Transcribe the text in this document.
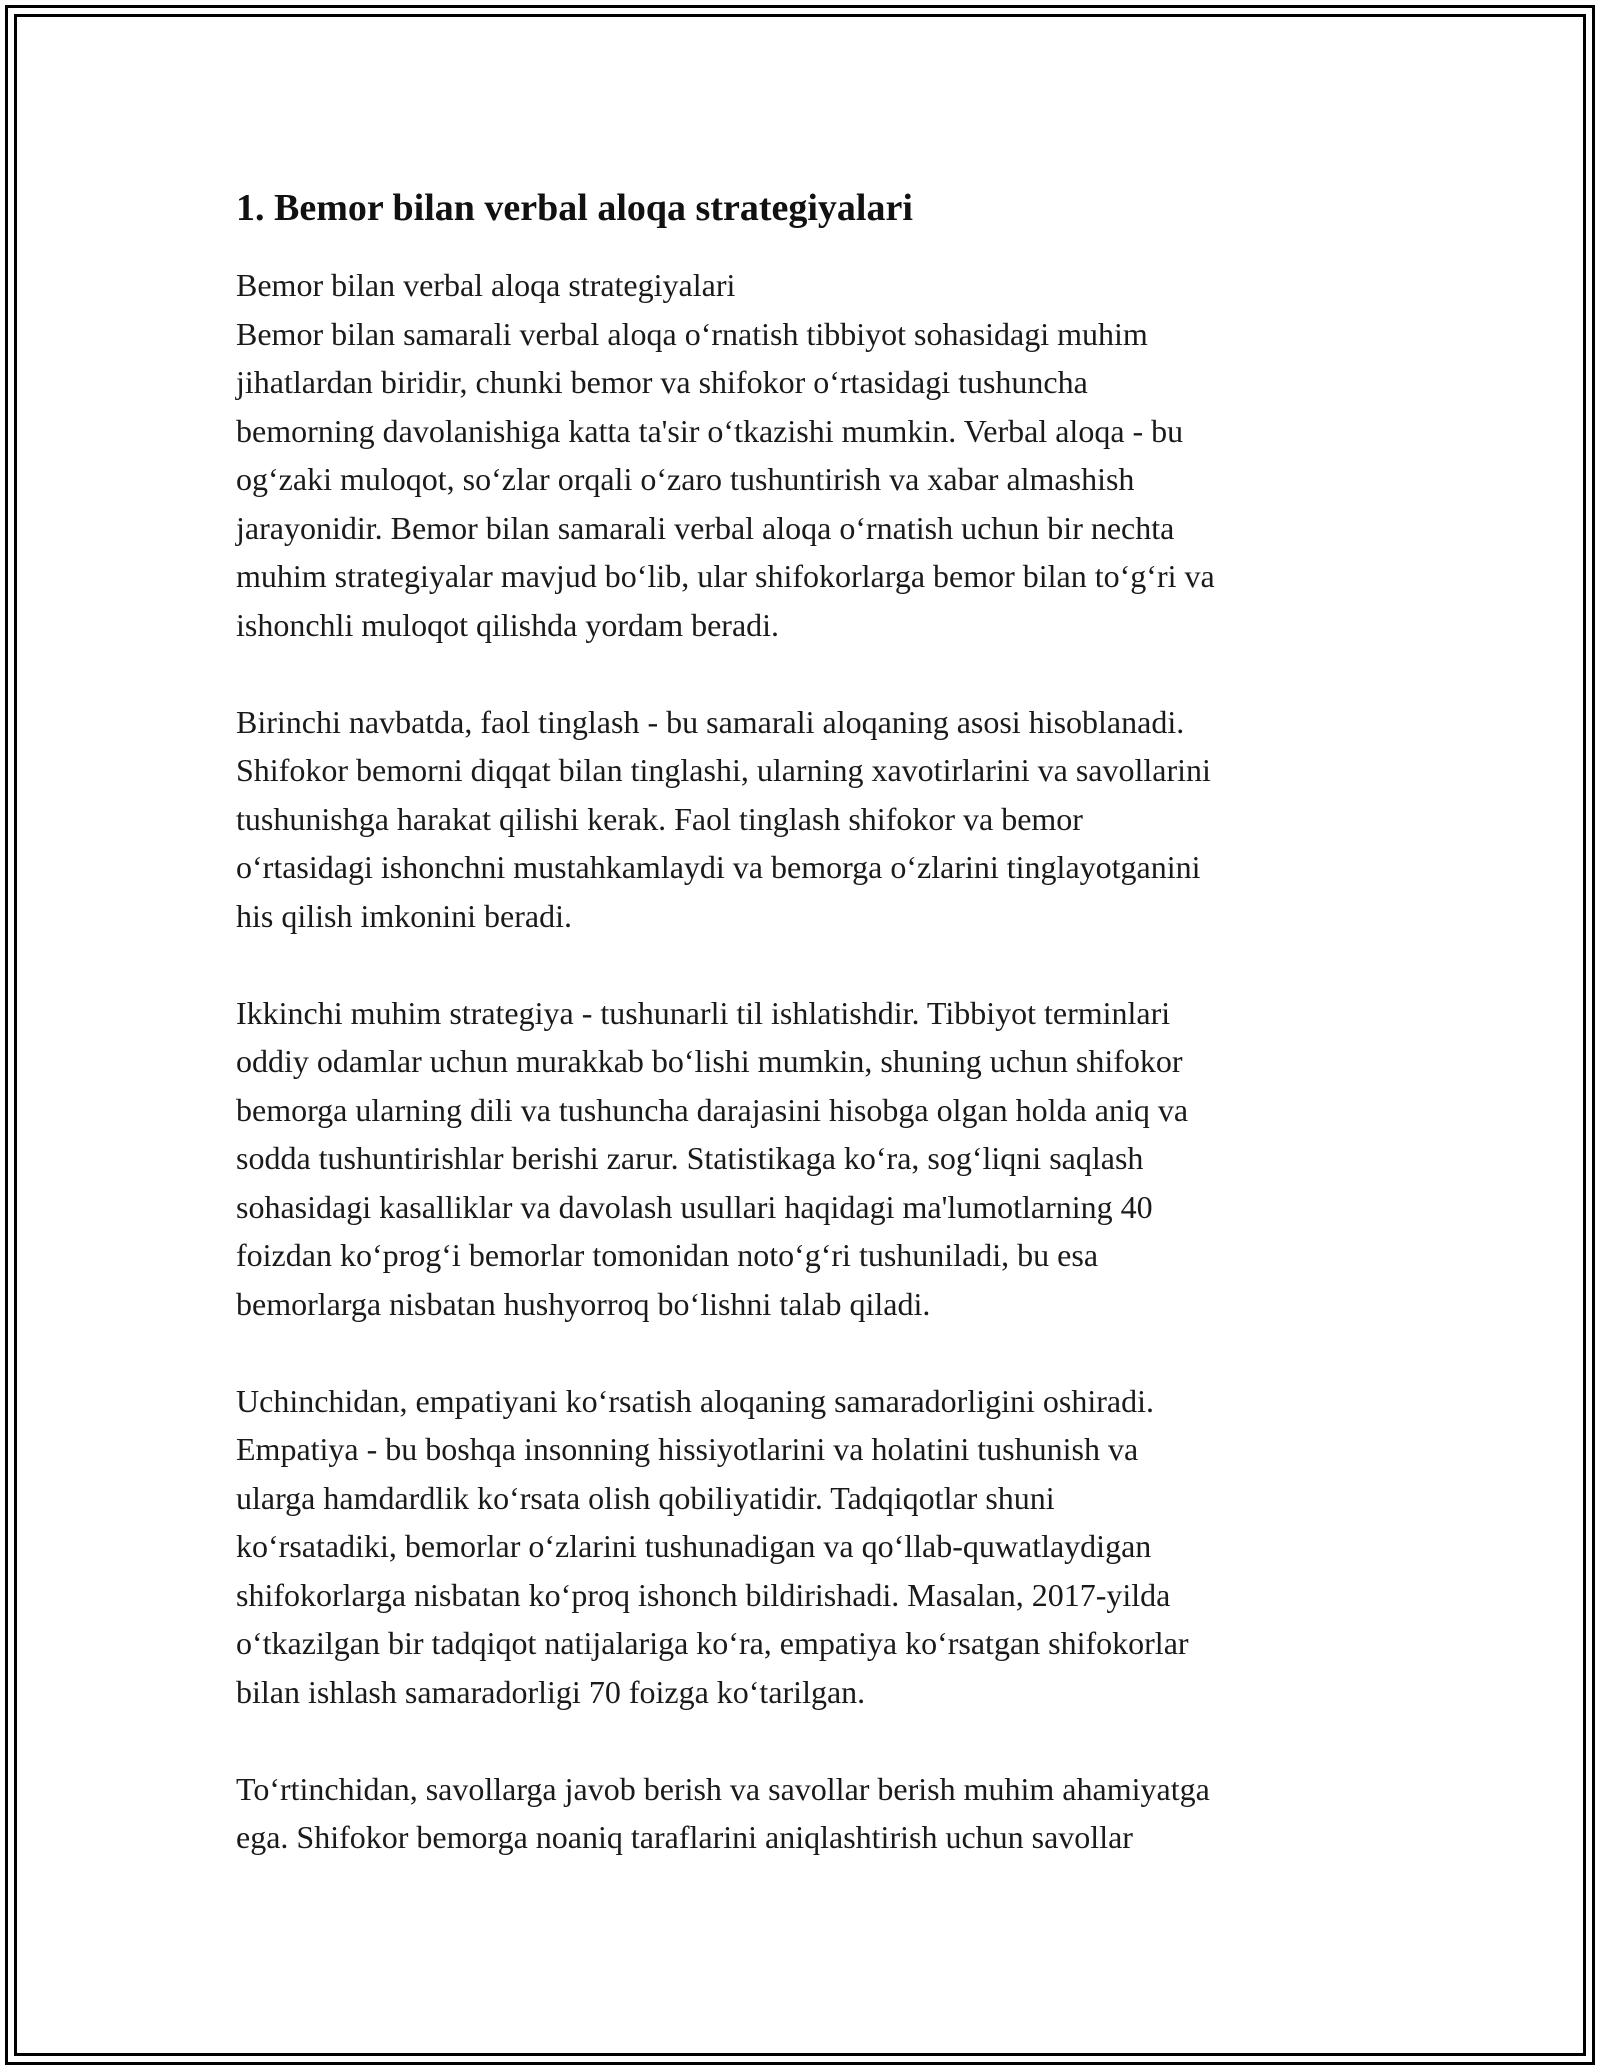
1. Bemor bilan verbal aloqa strategiyalari

Bemor bilan verbal aloqa strategiyalari
Bemor bilan samarali verbal aloqa o‘rnatish tibbiyot sohasidagi muhim
jihatlardan biridir, chunki bemor va shifokor o‘rtasidagi tushuncha
bemorning davolanishiga katta ta'sir o‘tkazishi mumkin. Verbal aloqa - bu
og‘zaki muloqot, so‘zlar orqali o‘zaro tushuntirish va xabar almashish
jarayonidir. Bemor bilan samarali verbal aloqa o‘rnatish uchun bir nechta
muhim strategiyalar mavjud bo‘lib, ular shifokorlarga bemor bilan to‘g‘ri va
ishonchli muloqot qilishda yordam beradi.

Birinchi navbatda, faol tinglash - bu samarali aloqaning asosi hisoblanadi.
Shifokor bemorni diqqat bilan tinglashi, ularning xavotirlarini va savollarini
tushunishga harakat qilishi kerak. Faol tinglash shifokor va bemor
o‘rtasidagi ishonchni mustahkamlaydi va bemorga o‘zlarini tinglayotganini
his qilish imkonini beradi.

Ikkinchi muhim strategiya - tushunarli til ishlatishdir. Tibbiyot terminlari
oddiy odamlar uchun murakkab bo‘lishi mumkin, shuning uchun shifokor
bemorga ularning dili va tushuncha darajasini hisobga olgan holda aniq va
sodda tushuntirishlar berishi zarur. Statistikaga ko‘ra, sog‘liqni saqlash
sohasidagi kasalliklar va davolash usullari haqidagi ma'lumotlarning 40
foizdan ko‘prog‘i bemorlar tomonidan noto‘g‘ri tushuniladi, bu esa
bemorlarga nisbatan hushyorroq bo‘lishni talab qiladi.

Uchinchidan, empatiyani ko‘rsatish aloqaning samaradorligini oshiradi.
Empatiya - bu boshqa insonning hissiyotlarini va holatini tushunish va
ularga hamdardlik ko‘rsata olish qobiliyatidir. Tadqiqotlar shuni
ko‘rsatadiki, bemorlar o‘zlarini tushunadigan va qo‘llab-quwatlaydigan
shifokorlarga nisbatan ko‘proq ishonch bildirishadi. Masalan, 2017-yilda
o‘tkazilgan bir tadqiqot natijalariga ko‘ra, empatiya ko‘rsatgan shifokorlar
bilan ishlash samaradorligi 70 foizga ko‘tarilgan.

To‘rtinchidan, savollarga javob berish va savollar berish muhim ahamiyatga
ega. Shifokor bemorga noaniq taraflarini aniqlashtirish uchun savollar
